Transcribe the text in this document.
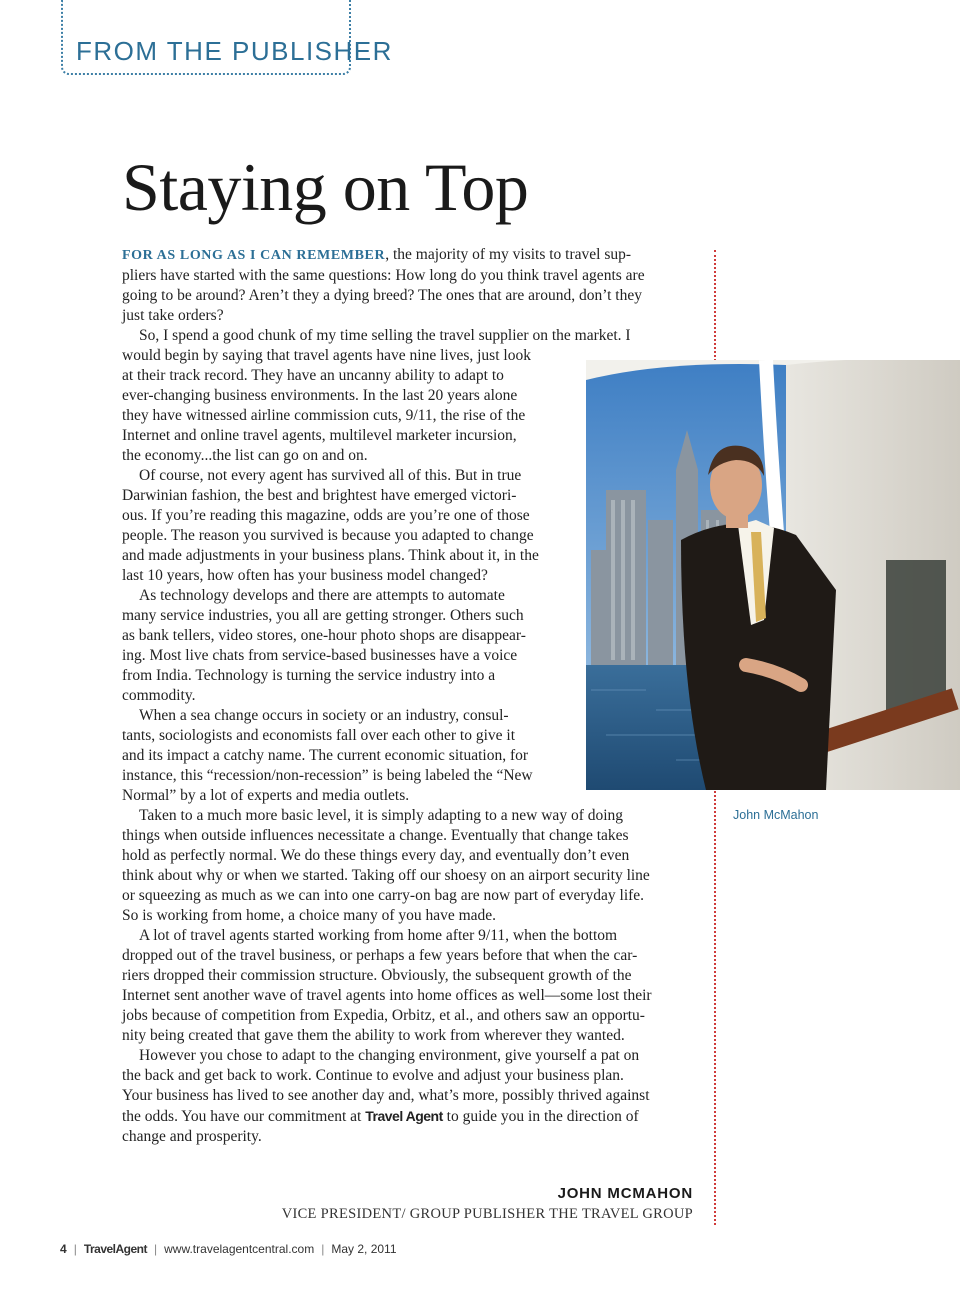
FROM THE PUBLISHER
Staying on Top

FOR AS LONG AS I CAN REMEMBER, the majority of my visits to travel sup-

pliers have started with the same questions: How long do you think travel agents are

going to be around? Aren’t they a dying breed? The ones that are around, don’t they

just take orders?

So, I spend a good chunk of my time selling the travel supplier on the market. I

would begin by saying that travel agents have nine lives, just look

at their track record. They have an uncanny ability to adapt to

ever-changing business environments. In the last 20 years alone

they have witnessed airline commission cuts, 9/11, the rise of the

Internet and online travel agents, multilevel marketer incursion,

the economy...the list can go on and on.

Of course, not every agent has survived all of this. But in true

Darwinian fashion, the best and brightest have emerged victori-

ous. If you’re reading this magazine, odds are you’re one of those

people. The reason you survived is because you adapted to change

and made adjustments in your business plans. Think about it, in the

last 10 years, how often has your business model changed?

As technology develops and there are attempts to automate

many service industries, you all are getting stronger. Others such

as bank tellers, video stores, one-hour photo shops are disappear-

ing. Most live chats from service-based businesses have a voice

from India. Technology is turning the service industry into a

commodity.

When a sea change occurs in society or an industry, consul-

tants, sociologists and economists fall over each other to give it

and its impact a catchy name. The current economic situation, for

instance, this “recession/non-recession” is being labeled the “New

Normal” by a lot of experts and media outlets.

Taken to a much more basic level, it is simply adapting to a new way of doing

things when outside influences necessitate a change. Eventually that change takes

hold as perfectly normal. We do these things every day, and eventually don’t even

think about why or when we started. Taking off our shoesy on an airport security line

or squeezing as much as we can into one carry-on bag are now part of everyday life.

So is working from home, a choice many of you have made.

A lot of travel agents started working from home after 9/11, when the bottom

dropped out of the travel business, or perhaps a few years before that when the car-

riers dropped their commission structure. Obviously, the subsequent growth of the

Internet sent another wave of travel agents into home offices as well—some lost their

jobs because of competition from Expedia, Orbitz, et al., and others saw an opportu-

nity being created that gave them the ability to work from wherever they wanted.

However you chose to adapt to the changing environment, give yourself a pat on

the back and get back to work. Continue to evolve and adjust your business plan.

Your business has lived to see another day and, what’s more, possibly thrived against

the odds. You have our commitment at Travel Agent to guide you in the direction of

change and prosperity.

John McMahon
JOHN MCMAHON
VICE PRESIDENT/ GROUP PUBLISHER THE TRAVEL GROUP
4 | TravelAgent | www.travelagentcentral.com | May 2, 2011
